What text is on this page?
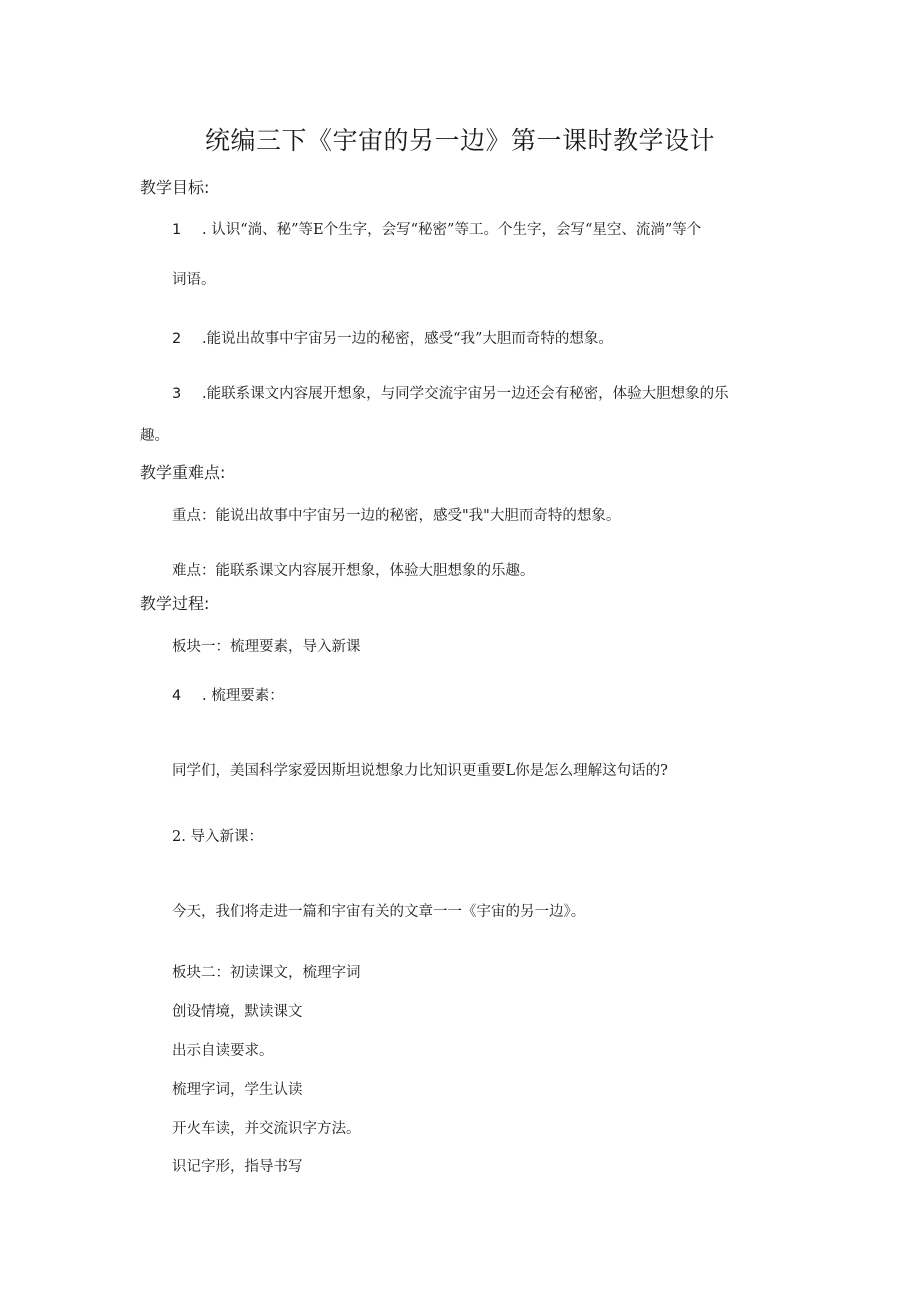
统编三下《宇宙的另一边》第一课时教学设计
教学目标:
1 . 认识“淌、秘”等E个生字，会写“秘密”等工。个生字，会写“星空、流淌”等个
词语。
2 .能说出故事中宇宙另一边的秘密，感受“我”大胆而奇特的想象。
3 .能联系课文内容展开想象，与同学交流宇宙另一边还会有秘密，体验大胆想象的乐
趣。
教学重难点:
重点：能说出故事中宇宙另一边的秘密，感受"我"大胆而奇特的想象。
难点：能联系课文内容展开想象，体验大胆想象的乐趣。
教学过程:
板块一：梳理要素，导入新课
4 . 梳理要素：
同学们，美国科学家爱因斯坦说想象力比知识更重要L你是怎么理解这句话的?
2. 导入新课：
今天，我们将走进一篇和宇宙有关的文章一一《宇宙的另一边》。
板块二：初读课文，梳理字词
创设情境，默读课文
出示自读要求。
梳理字词，学生认读
开火车读，并交流识字方法。
识记字形，指导书写
